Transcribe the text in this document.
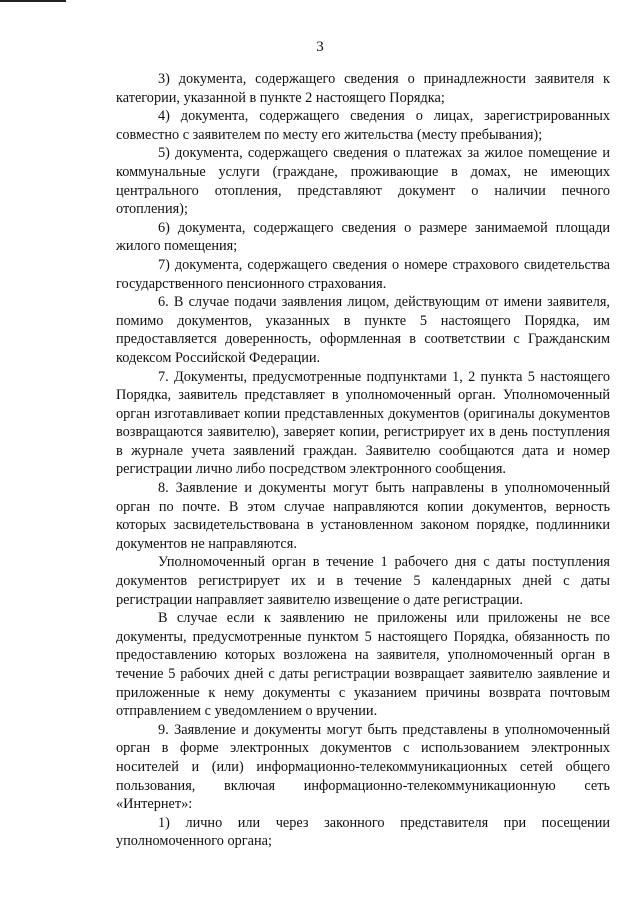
3

3) документа, содержащего сведения о принадлежности заявителя к категории, указанной в пункте 2 настоящего Порядка;

4) документа, содержащего сведения о лицах, зарегистрированных совместно с заявителем по месту его жительства (месту пребывания);

5) документа, содержащего сведения о платежах за жилое помещение и коммунальные услуги (граждане, проживающие в домах, не имеющих центрального отопления, представляют документ о наличии печного отопления);

6) документа, содержащего сведения о размере занимаемой площади жилого помещения;

7) документа, содержащего сведения о номере страхового свидетельства государственного пенсионного страхования.

6. В случае подачи заявления лицом, действующим от имени заявителя, помимо документов, указанных в пункте 5 настоящего Порядка, им предоставляется доверенность, оформленная в соответствии с Гражданским кодексом Российской Федерации.

7. Документы, предусмотренные подпунктами 1, 2 пункта 5 настоящего Порядка, заявитель представляет в уполномоченный орган. Уполномоченный орган изготавливает копии представленных документов (оригиналы документов возвращаются заявителю), заверяет копии, регистрирует их в день поступления в журнале учета заявлений граждан. Заявителю сообщаются дата и номер регистрации лично либо посредством электронного сообщения.

8. Заявление и документы могут быть направлены в уполномоченный орган по почте. В этом случае направляются копии документов, верность которых засвидетельствована в установленном законом порядке, подлинники документов не направляются.

Уполномоченный орган в течение 1 рабочего дня с даты поступления документов регистрирует их и в течение 5 календарных дней с даты регистрации направляет заявителю извещение о дате регистрации.

В случае если к заявлению не приложены или приложены не все документы, предусмотренные пунктом 5 настоящего Порядка, обязанность по предоставлению которых возложена на заявителя, уполномоченный орган в течение 5 рабочих дней с даты регистрации возвращает заявителю заявление и приложенные к нему документы с указанием причины возврата почтовым отправлением с уведомлением о вручении.

9. Заявление и документы могут быть представлены в уполномоченный орган в форме электронных документов с использованием электронных носителей и (или) информационно-телекоммуникационных сетей общего пользования, включая информационно-телекоммуникационную сеть «Интернет»:

1) лично или через законного представителя при посещении уполномоченного органа;
